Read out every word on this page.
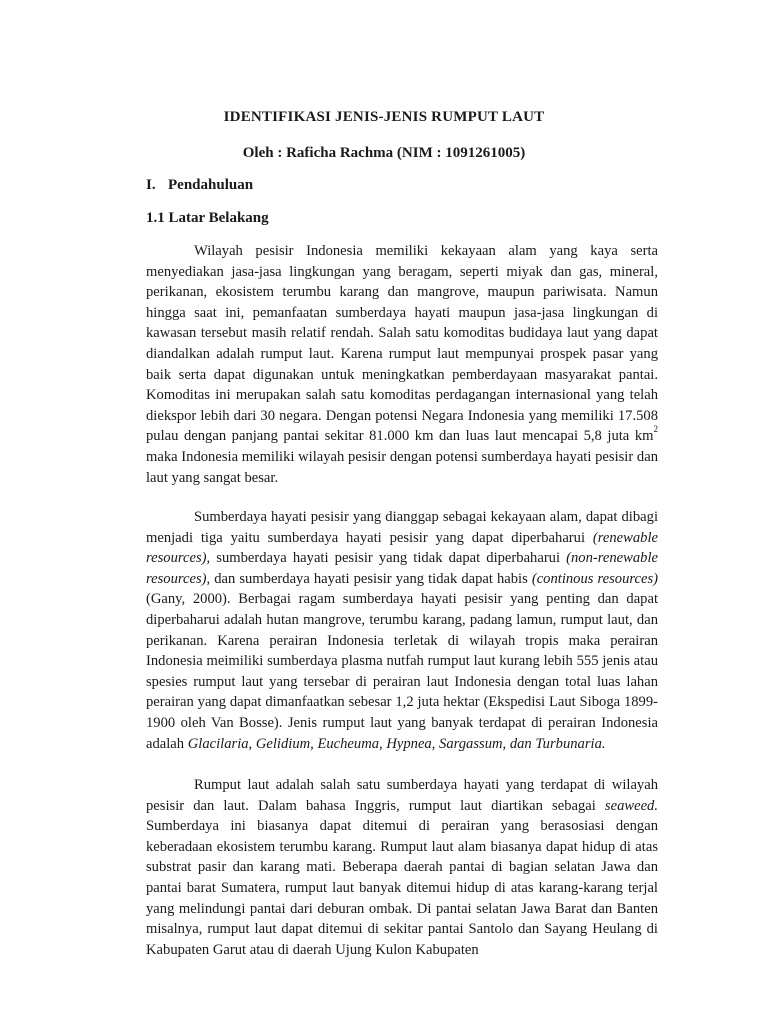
IDENTIFIKASI JENIS-JENIS RUMPUT LAUT
Oleh : Raficha Rachma (NIM : 1091261005)
I. Pendahuluan
1.1 Latar Belakang

Wilayah pesisir Indonesia memiliki kekayaan alam yang kaya serta menyediakan jasa-jasa lingkungan yang beragam, seperti miyak dan gas, mineral, perikanan, ekosistem terumbu karang dan mangrove, maupun pariwisata. Namun hingga saat ini, pemanfaatan sumberdaya hayati maupun jasa-jasa lingkungan di kawasan tersebut masih relatif rendah. Salah satu komoditas budidaya laut yang dapat diandalkan adalah rumput laut. Karena rumput laut mempunyai prospek pasar yang baik serta dapat digunakan untuk meningkatkan pemberdayaan masyarakat pantai. Komoditas ini merupakan salah satu komoditas perdagangan internasional yang telah diekspor lebih dari 30 negara. Dengan potensi Negara Indonesia yang memiliki 17.508 pulau dengan panjang pantai sekitar 81.000 km dan luas laut mencapai 5,8 juta $km^2$ maka Indonesia memiliki wilayah pesisir dengan potensi sumberdaya hayati pesisir dan laut yang sangat besar.

Sumberdaya hayati pesisir yang dianggap sebagai kekayaan alam, dapat dibagi menjadi tiga yaitu sumberdaya hayati pesisir yang dapat diperbaharui (renewable resources), sumberdaya hayati pesisir yang tidak dapat diperbaharui (non-renewable resources), dan sumberdaya hayati pesisir yang tidak dapat habis (continous resources) (Gany, 2000). Berbagai ragam sumberdaya hayati pesisir yang penting dan dapat diperbaharui adalah hutan mangrove, terumbu karang, padang lamun, rumput laut, dan perikanan. Karena perairan Indonesia terletak di wilayah tropis maka perairan Indonesia meimiliki sumberdaya plasma nutfah rumput laut kurang lebih 555 jenis atau spesies rumput laut yang tersebar di perairan laut Indonesia dengan total luas lahan perairan yang dapat dimanfaatkan sebesar 1,2 juta hektar (Ekspedisi Laut Siboga 1899-1900 oleh Van Bosse). Jenis rumput laut yang banyak terdapat di perairan Indonesia adalah Glacilaria, Gelidium, Eucheuma, Hypnea, Sargassum, dan Turbunaria.

Rumput laut adalah salah satu sumberdaya hayati yang terdapat di wilayah pesisir dan laut. Dalam bahasa Inggris, rumput laut diartikan sebagai seaweed. Sumberdaya ini biasanya dapat ditemui di perairan yang berasosiasi dengan keberadaan ekosistem terumbu karang. Rumput laut alam biasanya dapat hidup di atas substrat pasir dan karang mati. Beberapa daerah pantai di bagian selatan Jawa dan pantai barat Sumatera, rumput laut banyak ditemui hidup di atas karang-karang terjal yang melindungi pantai dari deburan ombak. Di pantai selatan Jawa Barat dan Banten misalnya, rumput laut dapat ditemui di sekitar pantai Santolo dan Sayang Heulang di Kabupaten Garut atau di daerah Ujung Kulon Kabupaten
